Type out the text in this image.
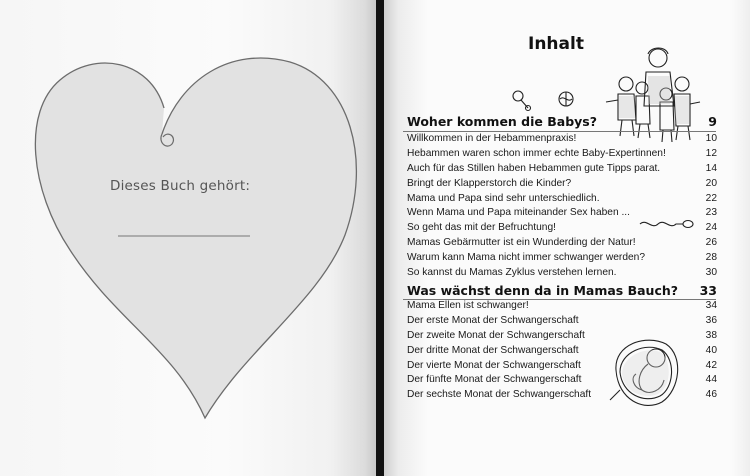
Dieses Buch gehört:
Inhalt
Woher kommen die Babys?	9
Willkommen in der Hebammenpraxis!	10
Hebammen waren schon immer echte Baby-Expertinnen!	12
Auch für das Stillen haben Hebammen gute Tipps parat.	14
Bringt der Klapperstorch die Kinder?	20
Mama und Papa sind sehr unterschiedlich.	22
Wenn Mama und Papa miteinander Sex haben ...	23
So geht das mit der Befruchtung!	24
Mamas Gebärmutter ist ein Wunderding der Natur!	26
Warum kann Mama nicht immer schwanger werden?	28
So kannst du Mamas Zyklus verstehen lernen.	30
Was wächst denn da in Mamas Bauch? 33
Mama Ellen ist schwanger!	34
Der erste Monat der Schwangerschaft	36
Der zweite Monat der Schwangerschaft	38
Der dritte Monat der Schwangerschaft	40
Der vierte Monat der Schwangerschaft	42
Der fünfte Monat der Schwangerschaft	44
Der sechste Monat der Schwangerschaft	46
